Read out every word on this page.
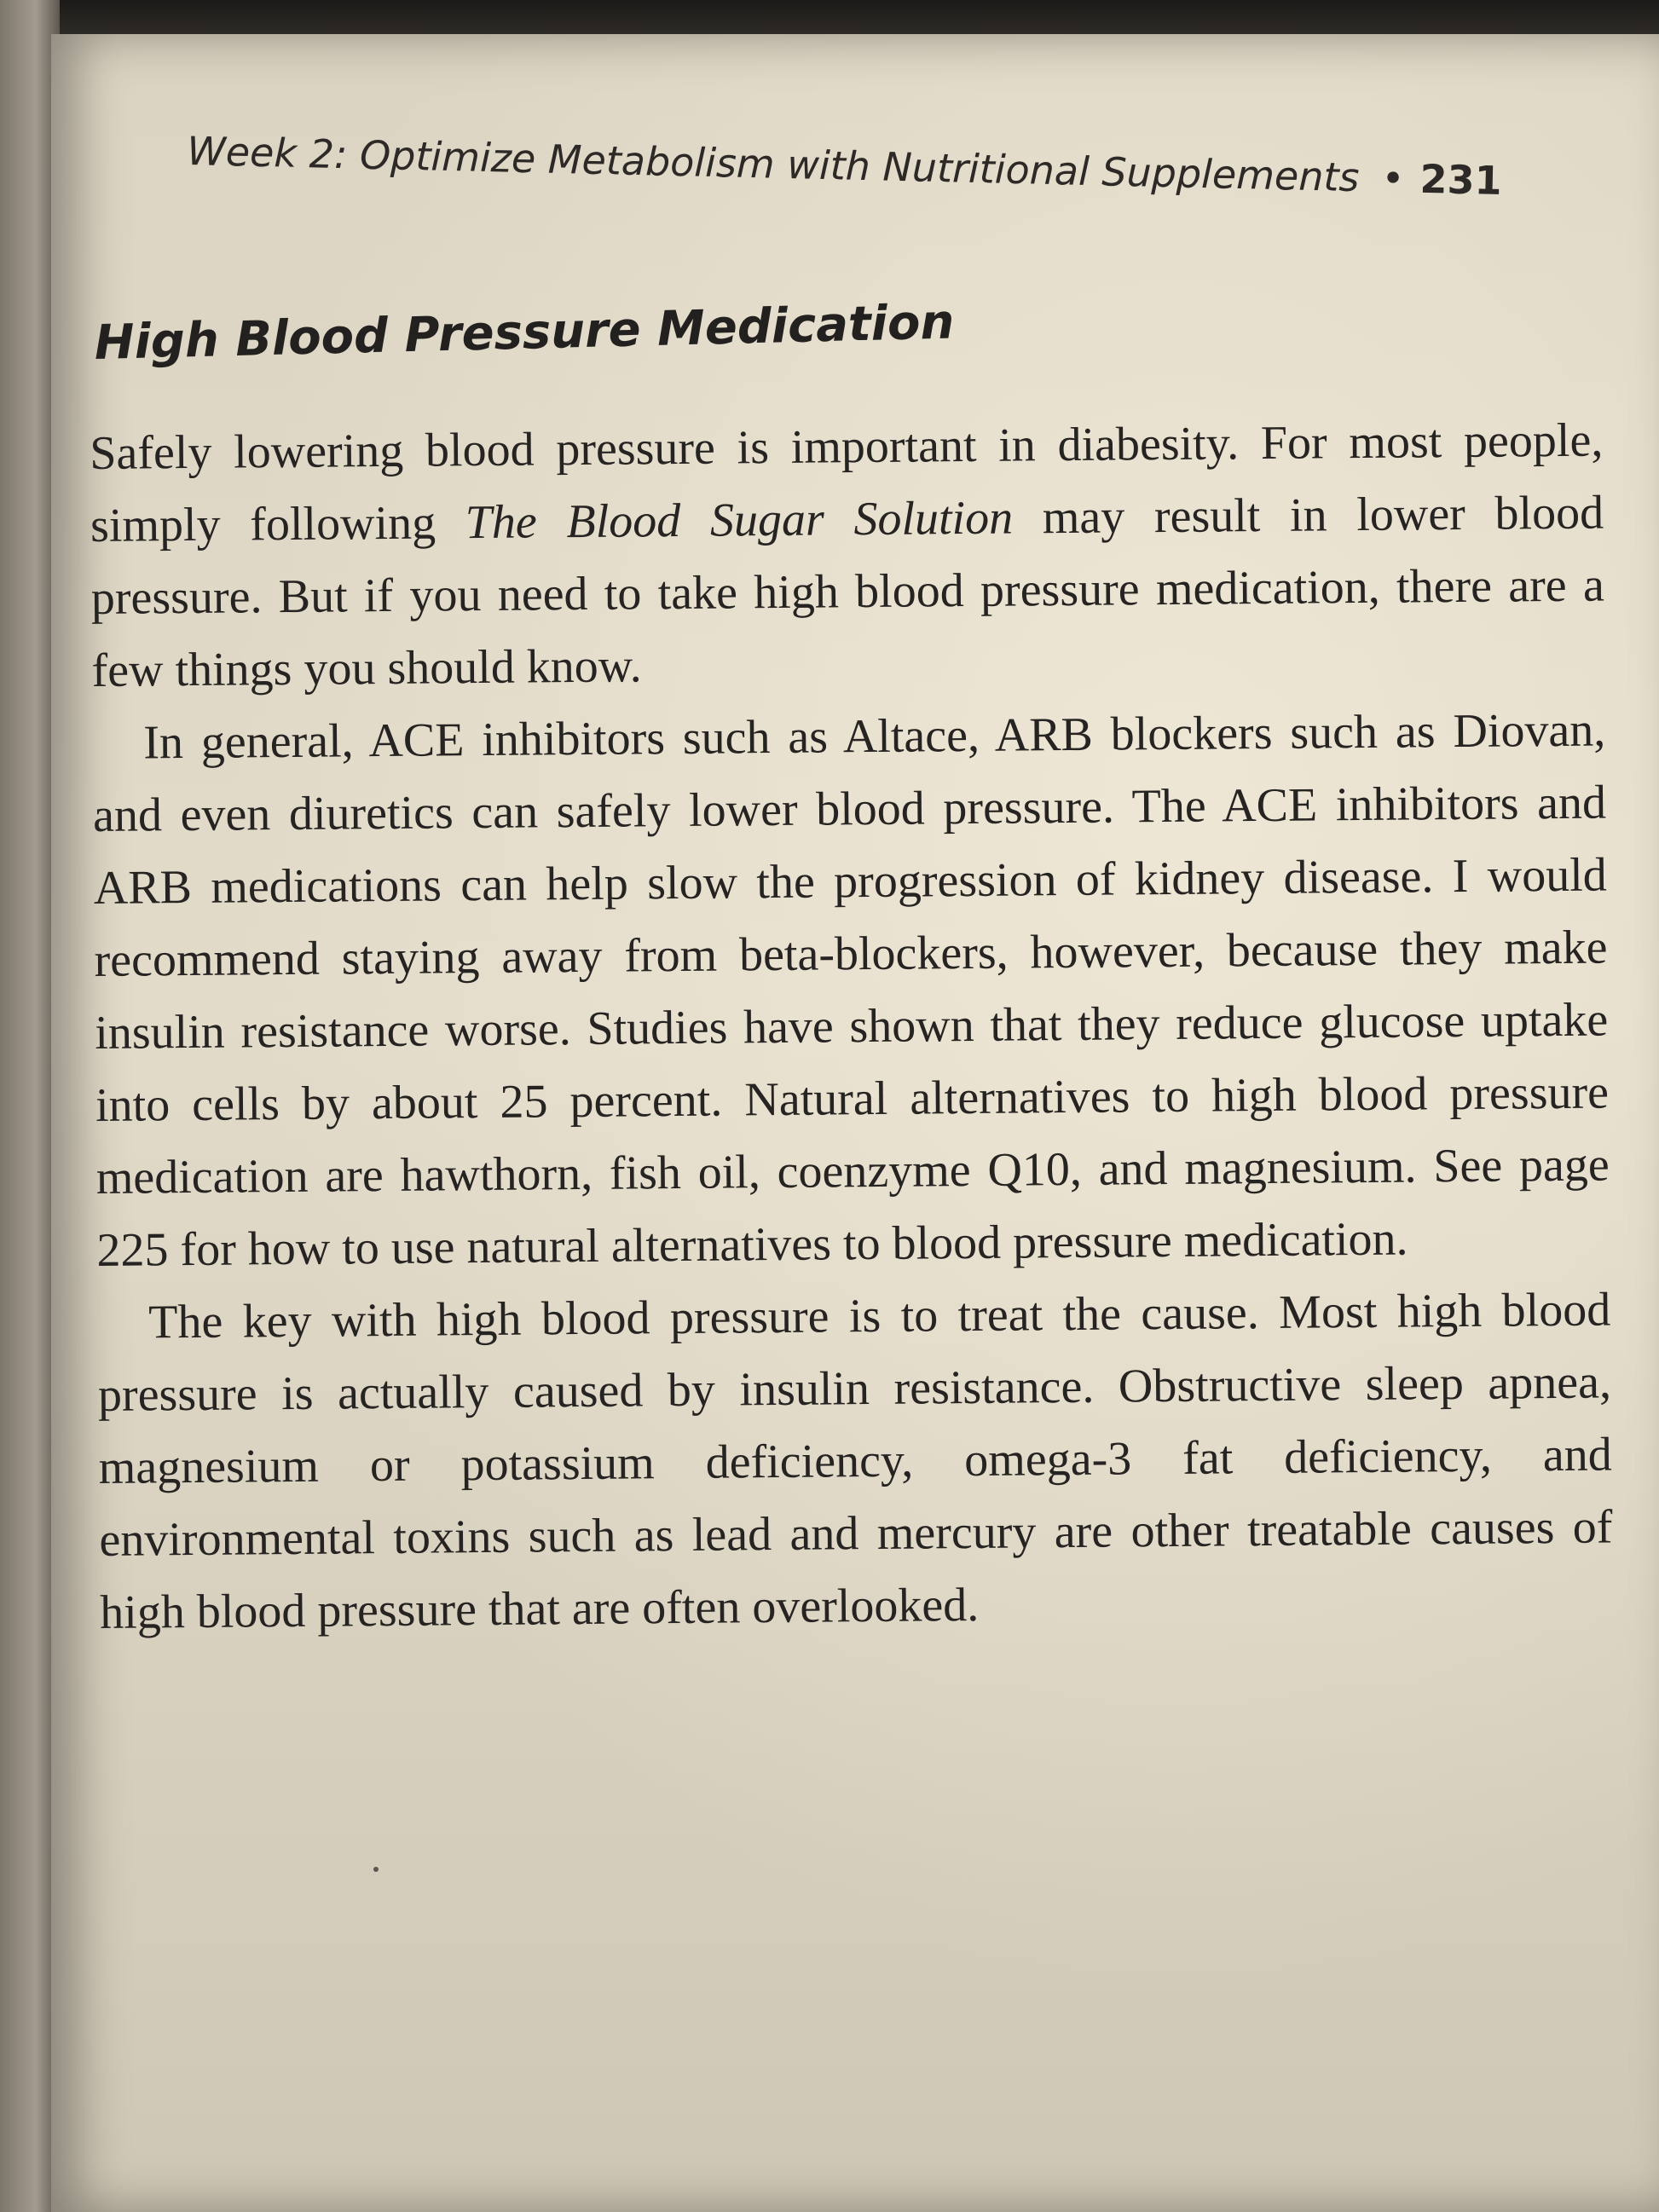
Week 2: Optimize Metabolism with Nutritional Supplements • 231
High Blood Pressure Medication

Safely lowering blood pressure is important in diabesity. For most people, simply following The Blood Sugar Solution may result in lower blood pressure. But if you need to take high blood pressure medication, there are a few things you should know.

In general, ACE inhibitors such as Altace, ARB blockers such as Diovan, and even diuretics can safely lower blood pressure. The ACE inhibitors and ARB medications can help slow the progression of kidney disease. I would recommend staying away from beta-blockers, however, because they make insulin resistance worse. Studies have shown that they reduce glucose uptake into cells by about 25 percent. Natural alternatives to high blood pressure medication are hawthorn, fish oil, coenzyme Q10, and magnesium. See page 225 for how to use natural alternatives to blood pressure medication.

The key with high blood pressure is to treat the cause. Most high blood pressure is actually caused by insulin resistance. Obstructive sleep apnea, magnesium or potassium deficiency, omega-3 fat deficiency, and environmental toxins such as lead and mercury are other treatable causes of high blood pressure that are often overlooked.
